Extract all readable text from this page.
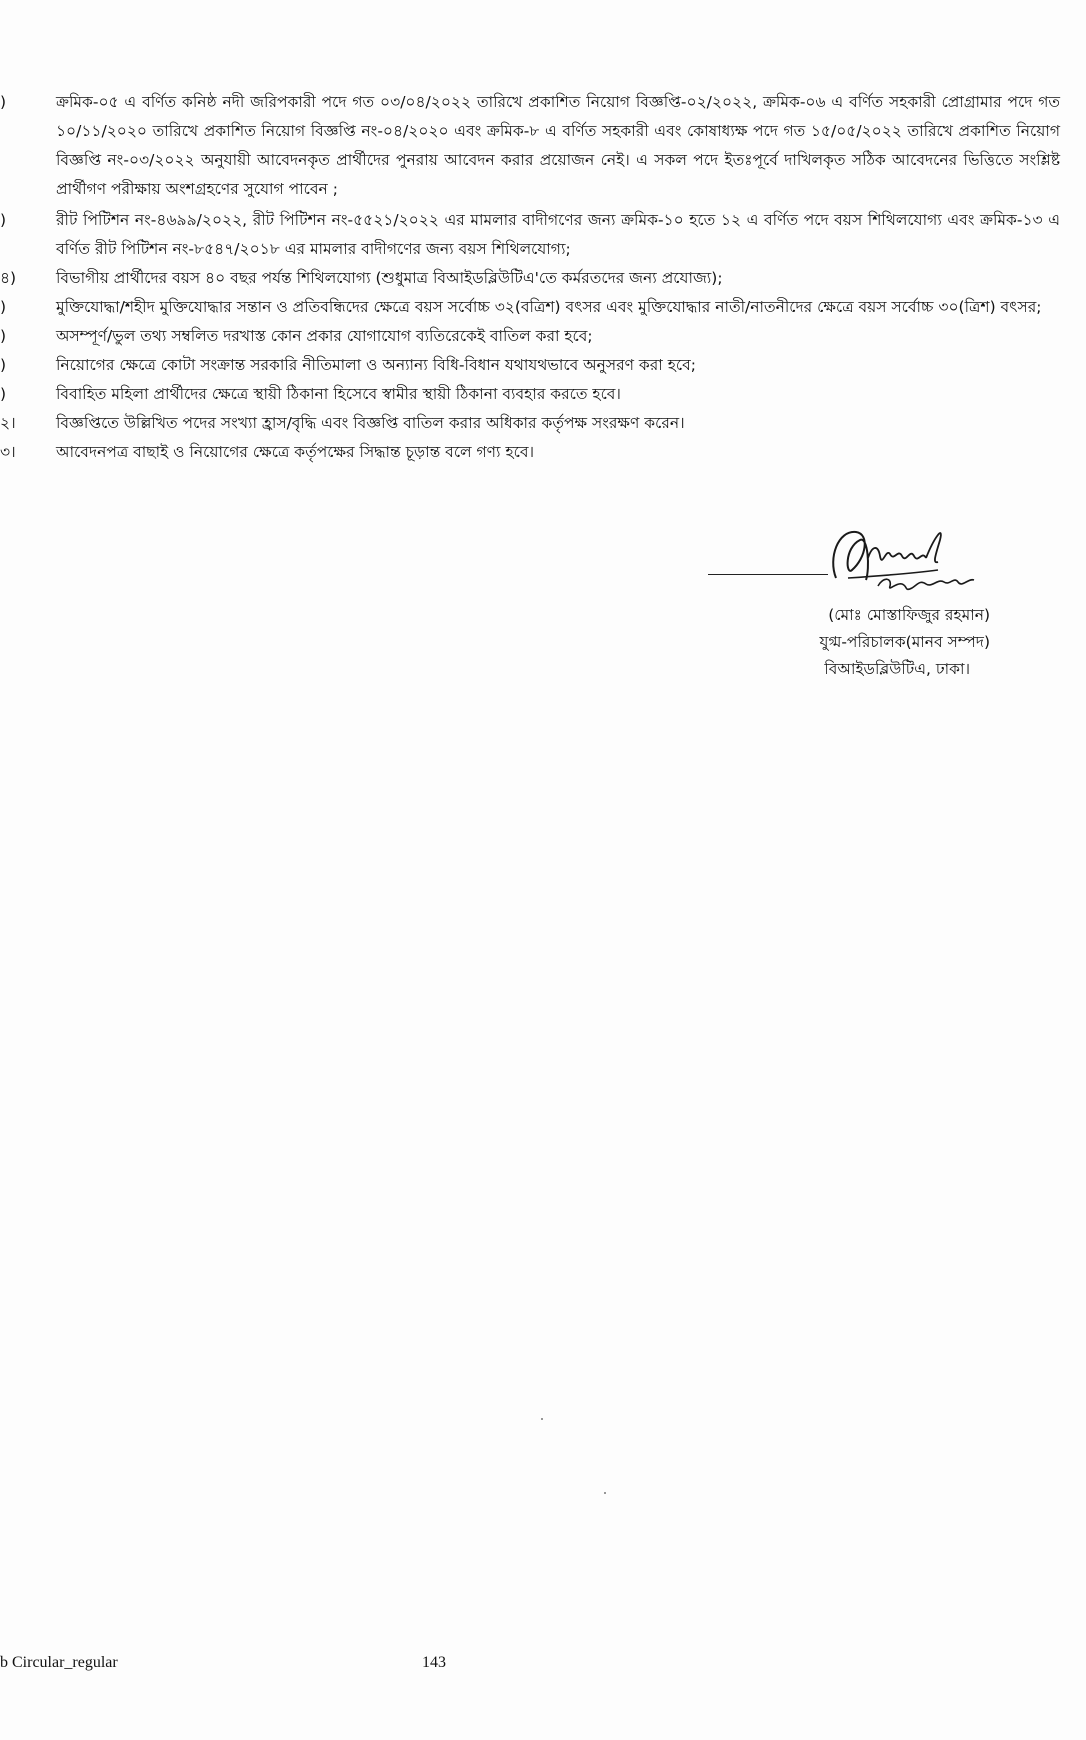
)	ক্রমিক-০৫ এ বর্ণিত কনিষ্ঠ নদী জরিপকারী পদে গত ০৩/০৪/২০২২ তারিখে প্রকাশিত নিয়োগ বিজ্ঞপ্তি-০২/২০২২, ক্রমিক-০৬ এ বর্ণিত সহকারী প্রোগ্রামার পদে গত ১০/১১/২০২০ তারিখে প্রকাশিত নিয়োগ বিজ্ঞপ্তি নং-০৪/২০২০ এবং ক্রমিক-৮ এ বর্ণিত সহকারী এবং কোষাধ্যক্ষ পদে গত ১৫/০৫/২০২২ তারিখে প্রকাশিত নিয়োগ বিজ্ঞপ্তি নং-০৩/২০২২ অনুযায়ী আবেদনকৃত প্রার্থীদের পুনরায় আবেদন করার প্রয়োজন নেই। এ সকল পদে ইতঃপূর্বে দাখিলকৃত সঠিক আবেদনের ভিত্তিতে সংশ্লিষ্ট প্রার্থীগণ পরীক্ষায় অংশগ্রহণের সুযোগ পাবেন ;
)	রীট পিটিশন নং-৪৬৯৯/২০২২, রীট পিটিশন নং-৫৫২১/২০২২ এর মামলার বাদীগণের জন্য ক্রমিক-১০ হতে ১২ এ বর্ণিত পদে বয়স শিথিলযোগ্য এবং ক্রমিক-১৩ এ বর্ণিত রীট পিটিশন নং-৮৫৪৭/২০১৮ এর মামলার বাদীগণের জন্য বয়স শিথিলযোগ্য;
৪)	বিভাগীয় প্রার্থীদের বয়স ৪০ বছর পর্যন্ত শিথিলযোগ্য (শুধুমাত্র বিআইডব্লিউটিএ'তে কর্মরতদের জন্য প্রযোজ্য);
)	মুক্তিযোদ্ধা/শহীদ মুক্তিযোদ্ধার সন্তান ও প্রতিবন্ধিদের ক্ষেত্রে বয়স সর্বোচ্চ ৩২(বত্রিশ) বৎসর এবং মুক্তিযোদ্ধার নাতী/নাতনীদের ক্ষেত্রে বয়স সর্বোচ্চ ৩০(ত্রিশ) বৎসর;
)	অসম্পূর্ণ/ভুল তথ্য সম্বলিত দরখাস্ত কোন প্রকার যোগাযোগ ব্যতিরেকেই বাতিল করা হবে;
)	নিয়োগের ক্ষেত্রে কোটা সংক্রান্ত সরকারি নীতিমালা ও অন্যান্য বিধি-বিধান যথাযথভাবে অনুসরণ করা হবে;
)	বিবাহিত মহিলা প্রার্থীদের ক্ষেত্রে স্থায়ী ঠিকানা হিসেবে স্বামীর স্থায়ী ঠিকানা ব্যবহার করতে হবে।
২।	বিজ্ঞপ্তিতে উল্লিখিত পদের সংখ্যা হ্রাস/বৃদ্ধি এবং বিজ্ঞপ্তি বাতিল করার অধিকার কর্তৃপক্ষ সংরক্ষণ করেন।
৩।	আবেদনপত্র বাছাই ও নিয়োগের ক্ষেত্রে কর্তৃপক্ষের সিদ্ধান্ত চূড়ান্ত বলে গণ্য হবে।
(মোঃ মোস্তাফিজুর রহমান)
যুগ্ম-পরিচালক(মানব সম্পদ)
বিআইডব্লিউটিএ, ঢাকা।
b Circular_regular	143
